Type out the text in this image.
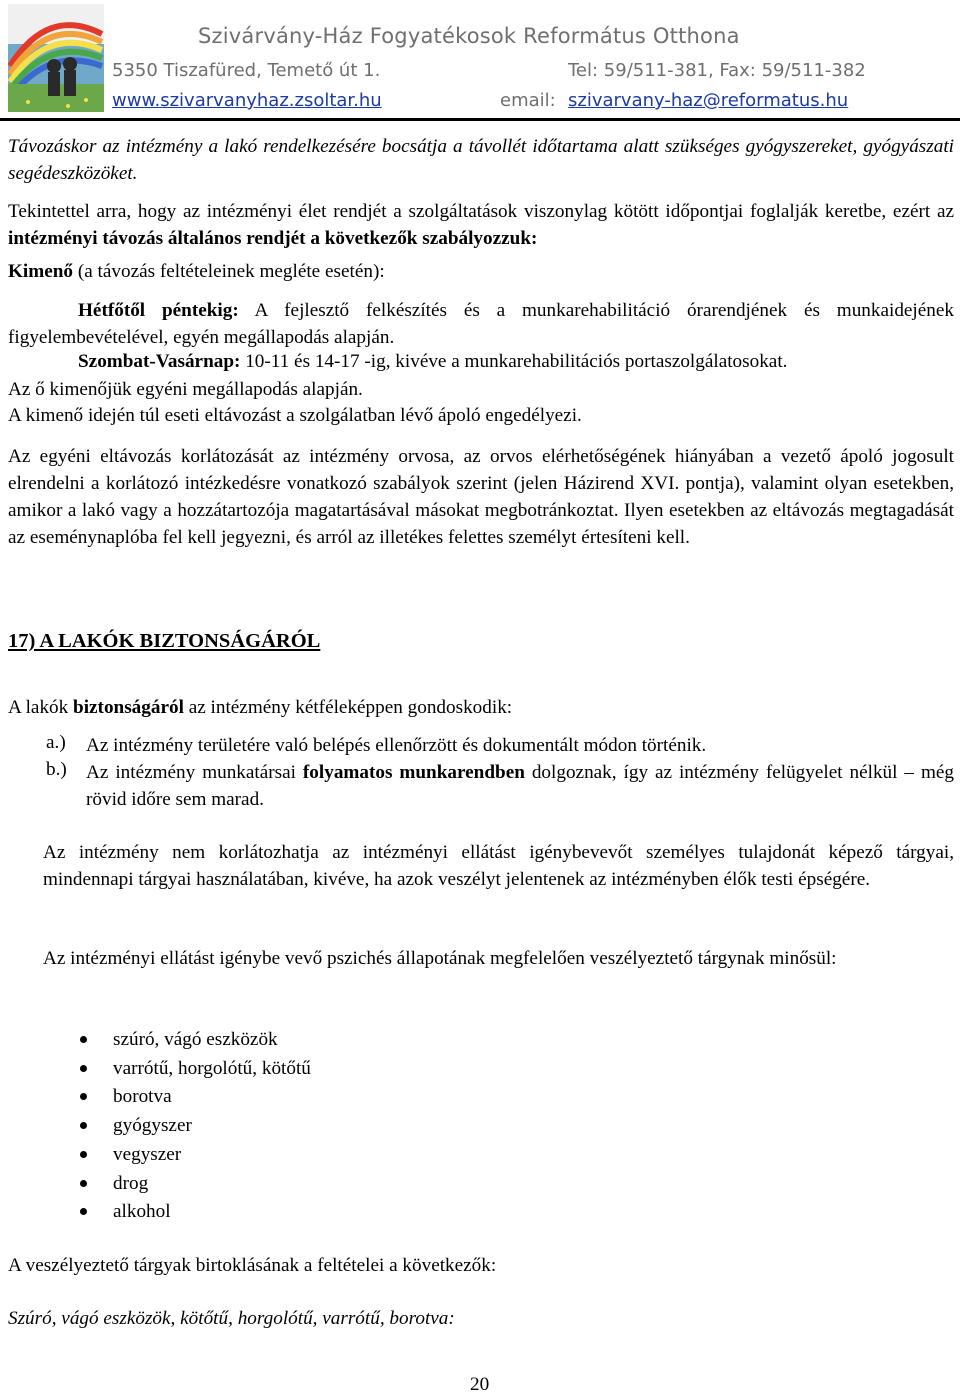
Szivárvány-Ház Fogyatékosok Református Otthona
5350 Tiszafüred, Temető út 1.	Tel: 59/511-381, Fax: 59/511-382
www.szivarvanyhaz.zsoltar.hu	email: szivarvany-haz@reformatus.hu
Távozáskor az intézmény a lakó rendelkezésére bocsátja a távollét időtartama alatt szükséges gyógyszereket, gyógyászati segédeszközöket.
Tekintettel arra, hogy az intézményi élet rendjét a szolgáltatások viszonylag kötött időpontjai foglalják keretbe, ezért az intézményi távozás általános rendjét a következők szabályozzuk:
Kimenő (a távozás feltételeinek megléte esetén):
Hétfőtől péntekig: A fejlesztő felkészítés és a munkarehabilitáció órarendjének és munkaidejének figyelembevételével, egyén megállapodás alapján.
Szombat-Vasárnap: 10-11 és 14-17 -ig, kivéve a munkarehabilitációs portaszolgálatosokat.
Az ő kimenőjük egyéni megállapodás alapján.
A kimenő idején túl eseti eltávozást a szolgálatban lévő ápoló engedélyezi.
Az egyéni eltávozás korlátozását az intézmény orvosa, az orvos elérhetőségének hiányában a vezető ápoló jogosult elrendelni a korlátozó intézkedésre vonatkozó szabályok szerint (jelen Házirend XVI. pontja), valamint olyan esetekben, amikor a lakó vagy a hozzátartozója magatartásával másokat megbotránkoztat. Ilyen esetekben az eltávozás megtagadását az eseménynaplóba fel kell jegyezni, és arról az illetékes felettes személyt értesíteni kell.
17) A LAKÓK BIZTONSÁGÁRÓL
A lakók biztonságáról az intézmény kétféleképpen gondoskodik:
a.) Az intézmény területére való belépés ellenőrzött és dokumentált módon történik.
b.) Az intézmény munkatársai folyamatos munkarendben dolgoznak, így az intézmény felügyelet nélkül – még rövid időre sem marad.
Az intézmény nem korlátozhatja az intézményi ellátást igénybevevőt személyes tulajdonát képező tárgyai, mindennapi tárgyai használatában, kivéve, ha azok veszélyt jelentenek az intézményben élők testi épségére.
Az intézményi ellátást igénybe vevő pszichés állapotának megfelelően veszélyeztető tárgynak minősül:
szúró, vágó eszközök
varrótű, horgolótű, kötőtű
borotva
gyógyszer
vegyszer
drog
alkohol
A veszélyeztető tárgyak birtoklásának a feltételei a következők:
Szúró, vágó eszközök, kötőtű, horgolótű, varrótű, borotva:
20
